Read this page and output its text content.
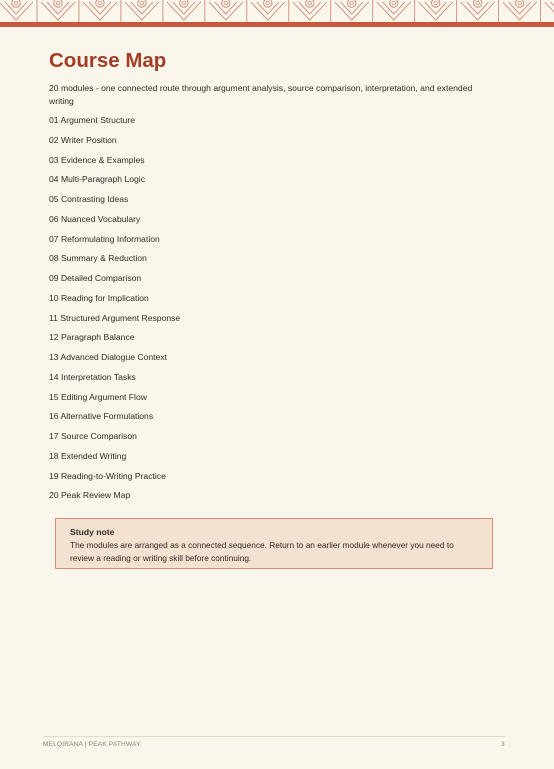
Course Map

20 modules - one connected route through argument analysis, source comparison, interpretation, and extended writing

01 Argument Structure
02 Writer Position
03 Evidence & Examples
04 Multi-Paragraph Logic
05 Contrasting Ideas
06 Nuanced Vocabulary
07 Reformulating Information
08 Summary & Reduction
09 Detailed Comparison
10 Reading for Implication
11 Structured Argument Response
12 Paragraph Balance
13 Advanced Dialogue Context
14 Interpretation Tasks
15 Editing Argument Flow
16 Alternative Formulations
17 Source Comparison
18 Extended Writing
19 Reading-to-Writing Practice
20 Peak Review Map
Study note
The modules are arranged as a connected sequence. Return to an earlier module whenever you need to review a reading or writing skill before continuing.
MELQIRANA | PEAK PATHWAY	3
